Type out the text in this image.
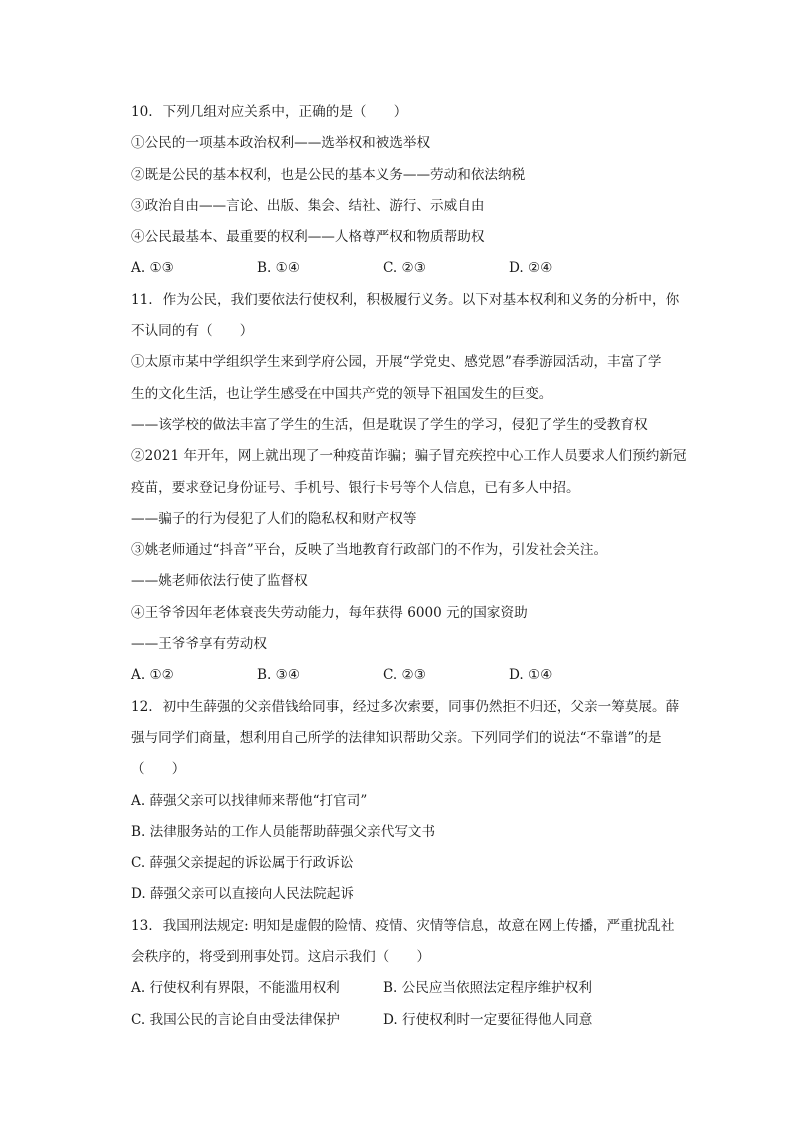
10. 下列几组对应关系中，正确的是（　　）
①公民的一项基本政治权利——选举权和被选举权
②既是公民的基本权利，也是公民的基本义务——劳动和依法纳税
③政治自由——言论、出版、集会、结社、游行、示威自由
④公民最基本、最重要的权利——人格尊严权和物质帮助权
A. ①③	B. ①④	C. ②③	D. ②④
11. 作为公民，我们要依法行使权利，积极履行义务。以下对基本权利和义务的分析中，你
不认同的有（　　）
①太原市某中学组织学生来到学府公园，开展“学党史、感党恩”春季游园活动，丰富了学
生的文化生活，也让学生感受在中国共产党的领导下祖国发生的巨变。
——该学校的做法丰富了学生的生活，但是耽误了学生的学习，侵犯了学生的受教育权
②2021 年开年，网上就出现了一种疫苗诈骗；骗子冒充疾控中心工作人员要求人们预约新冠
疫苗，要求登记身份证号、手机号、银行卡号等个人信息，已有多人中招。
——骗子的行为侵犯了人们的隐私权和财产权等
③姚老师通过“抖音”平台，反映了当地教育行政部门的不作为，引发社会关注。
——姚老师依法行使了监督权
④王爷爷因年老体衰丧失劳动能力，每年获得 6000 元的国家资助
——王爷爷享有劳动权
A. ①②	B. ③④	C. ②③	D. ①④
12. 初中生薛强的父亲借钱给同事，经过多次索要，同事仍然拒不归还，父亲一筹莫展。薛
强与同学们商量，想利用自己所学的法律知识帮助父亲。下列同学们的说法“不靠谱”的是
（　　）
A. 薛强父亲可以找律师来帮他“打官司”
B. 法律服务站的工作人员能帮助薛强父亲代写文书
C. 薛强父亲提起的诉讼属于行政诉讼
D. 薛强父亲可以直接向人民法院起诉
13. 我国刑法规定: 明知是虚假的险情、疫情、灾情等信息，故意在网上传播，严重扰乱社
会秩序的，将受到刑事处罚。这启示我们（　　）
A. 行使权利有界限，不能滥用权利	B. 公民应当依照法定程序维护权利
C. 我国公民的言论自由受法律保护	D. 行使权利时一定要征得他人同意
